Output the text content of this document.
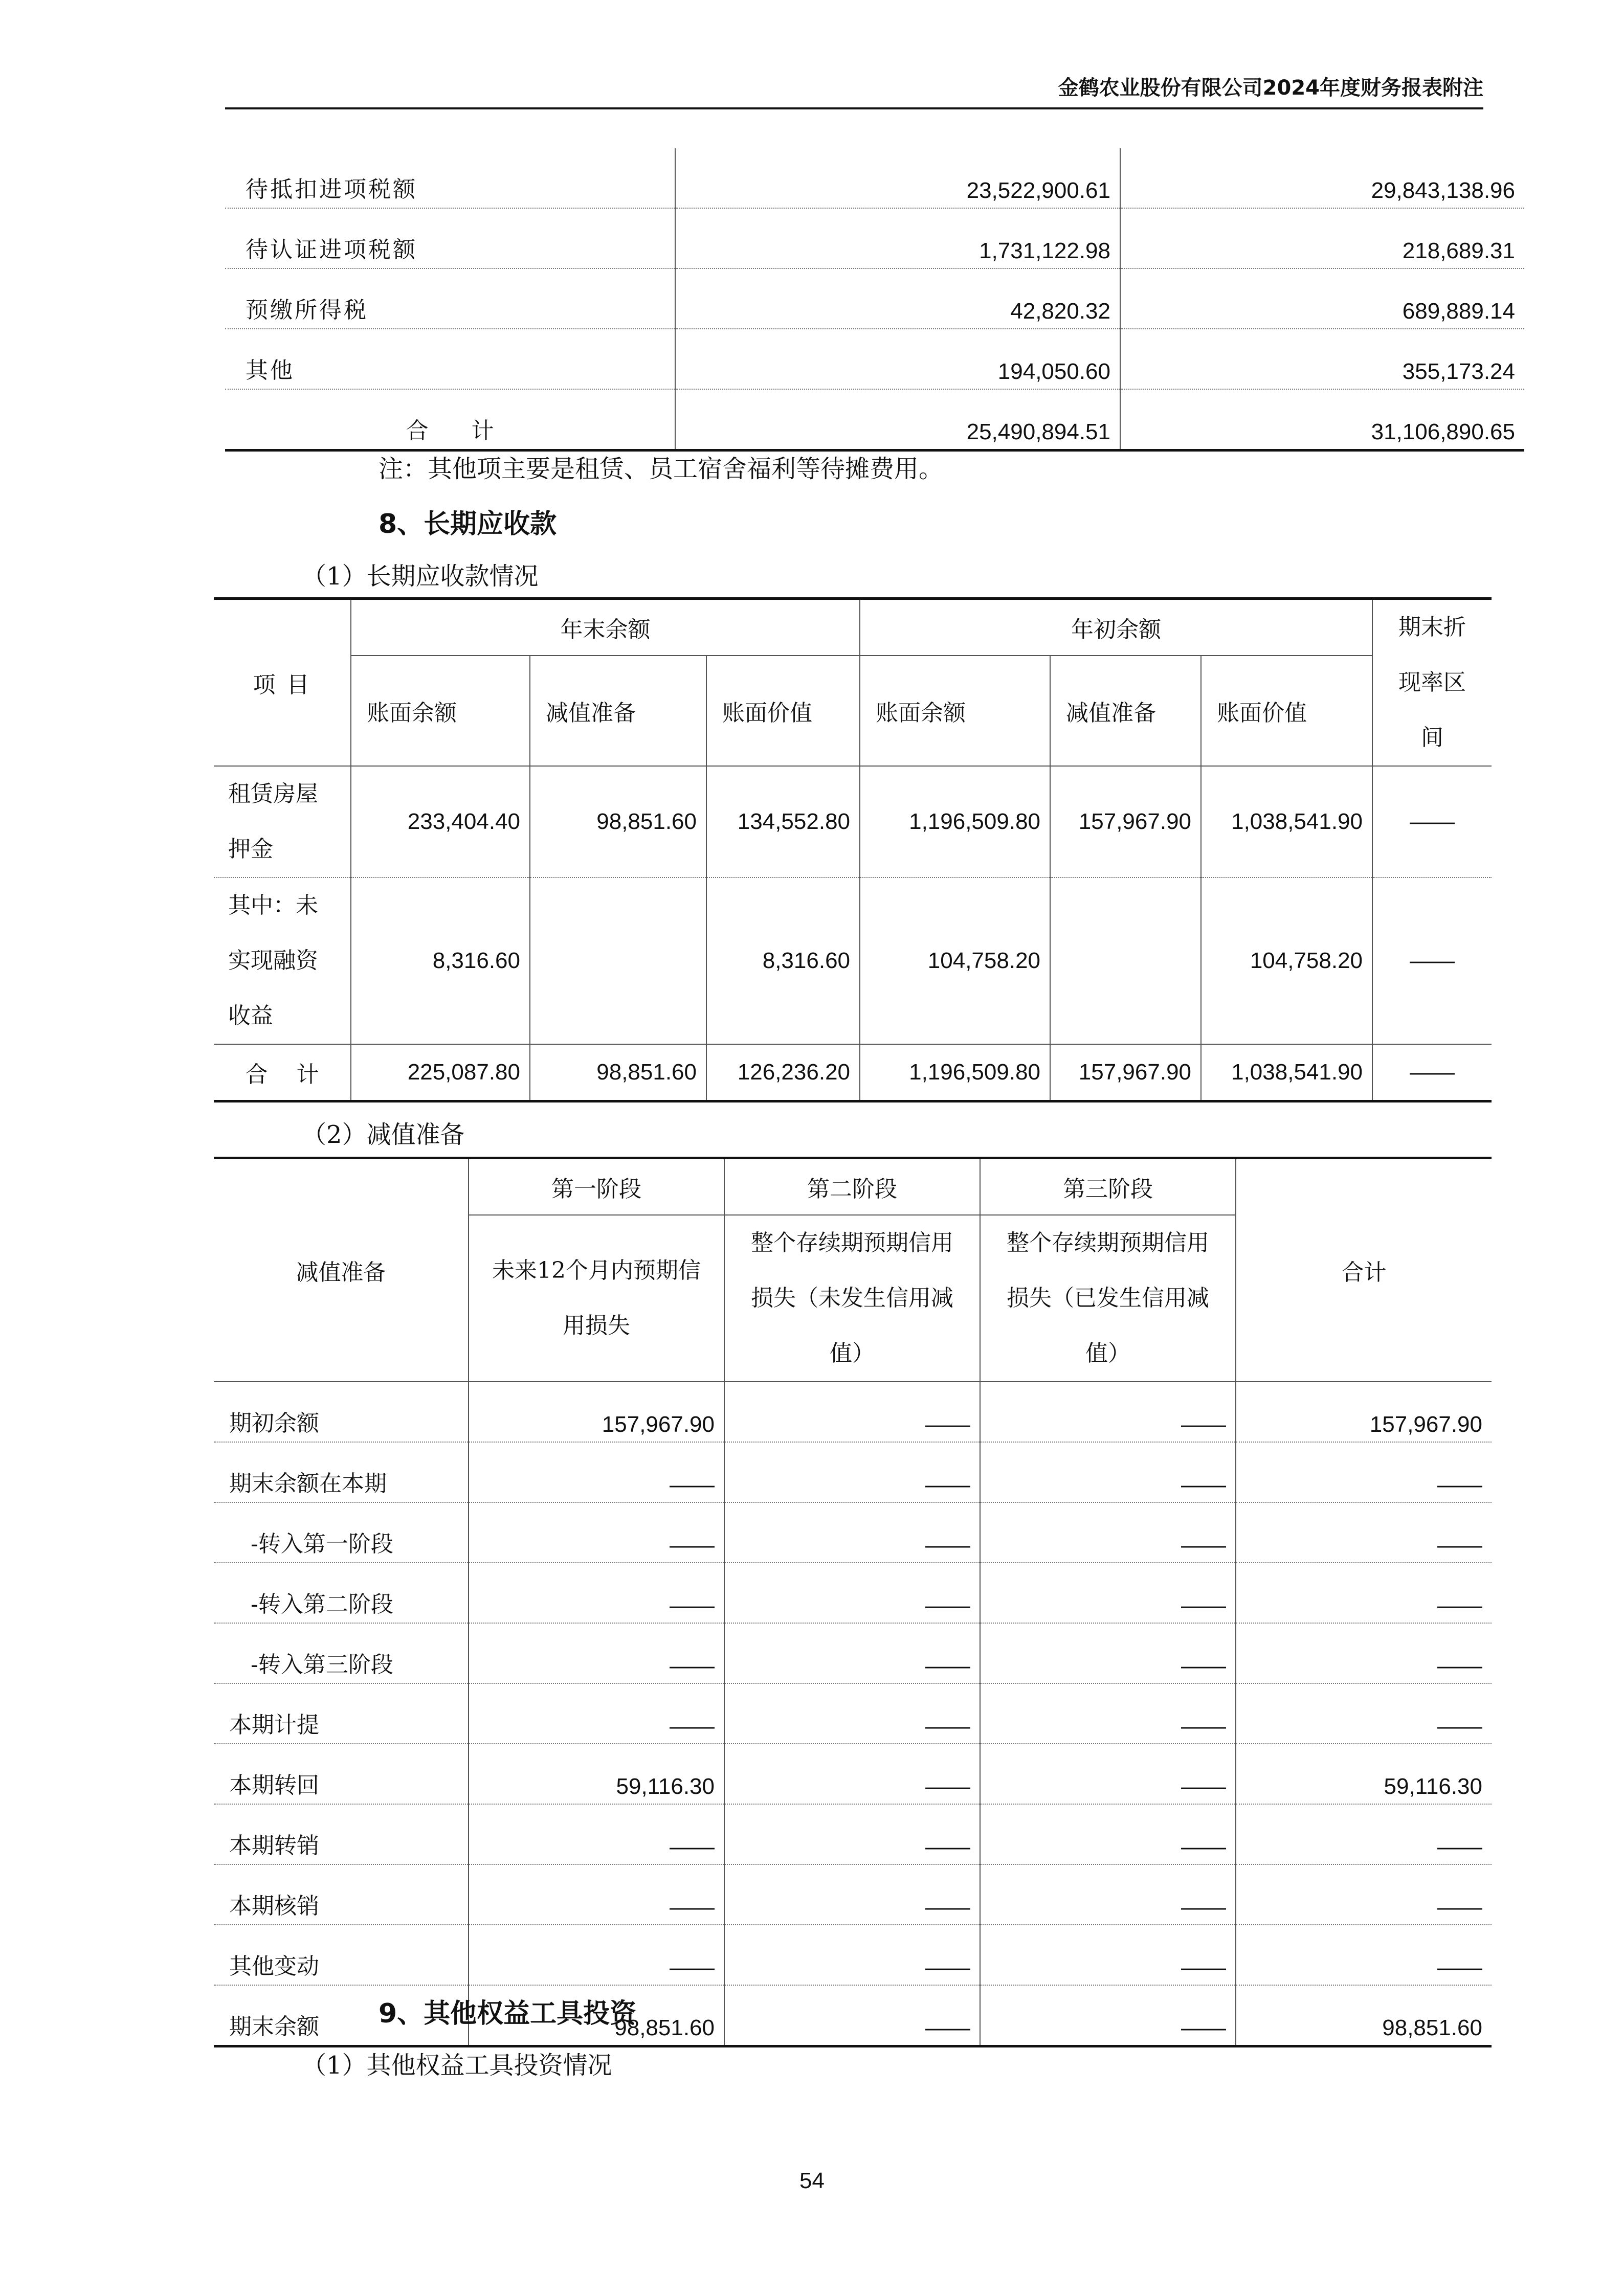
金鹤农业股份有限公司2024年度财务报表附注
待抵扣进项税额	23,522,900.61	29,843,138.96
待认证进项税额	1,731,122.98	218,689.31
预缴所得税	42,820.32	689,889.14
其他	194,050.60	355,173.24
合      计	25,490,894.51	31,106,890.65
注：其他项主要是租赁、员工宿舍福利等待摊费用。
8、长期应收款
（1）长期应收款情况
项 目	年末余额			年初余额			期末折现率区间
	账面余额	减值准备	账面价值	账面余额	减值准备	账面价值	
租赁房屋押金	233,404.40	98,851.60	134,552.80	1,196,509.80	157,967.90	1,038,541.90	——
其中：未实现融资收益	8,316.60		8,316.60	104,758.20		104,758.20	——
合    计	225,087.80	98,851.60	126,236.20	1,196,509.80	157,967.90	1,038,541.90	——
（2）减值准备
减值准备	第一阶段	第二阶段	第三阶段	合计
	未来12个月内预期信用损失	整个存续期预期信用损失（未发生信用减值）	整个存续期预期信用损失（已发生信用减值）	
期初余额	157,967.90	——	——	157,967.90
期末余额在本期	——	——	——	——
-转入第一阶段	——	——	——	——
-转入第二阶段	——	——	——	——
-转入第三阶段	——	——	——	——
本期计提	——	——	——	——
本期转回	59,116.30	——	——	59,116.30
本期转销	——	——	——	——
本期核销	——	——	——	——
其他变动	——	——	——	——
期末余额	98,851.60	——	——	98,851.60
9、其他权益工具投资
（1）其他权益工具投资情况
54
